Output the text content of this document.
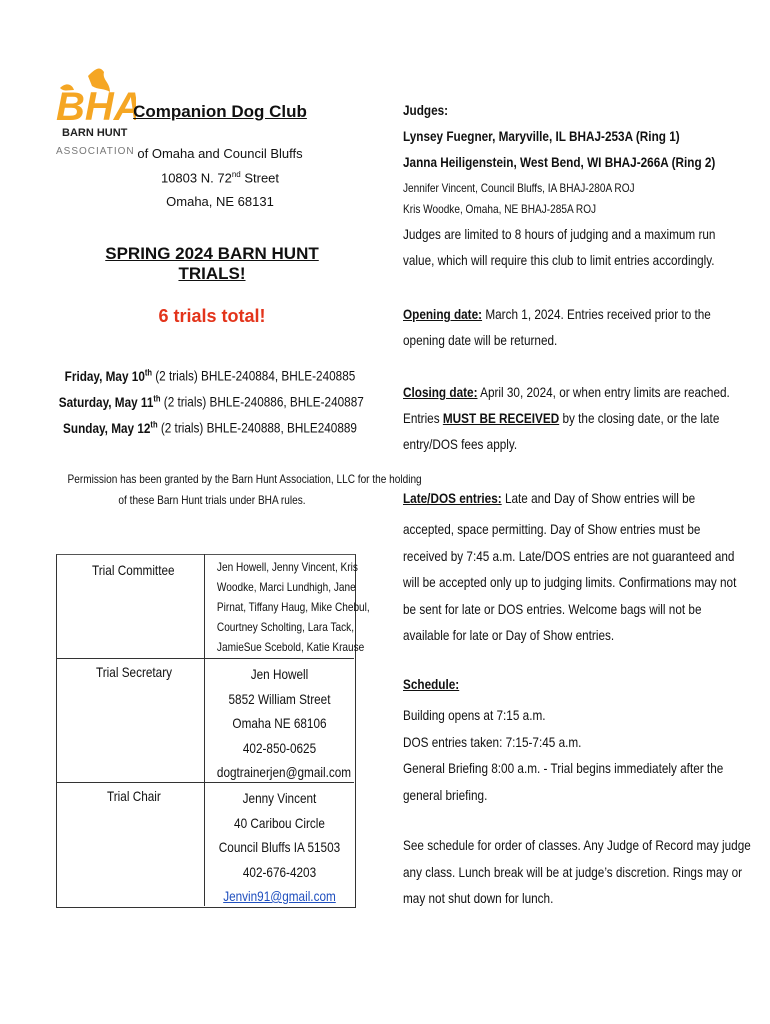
BHA
BARN HUNT
ASSOCIATION
Companion Dog Club
of Omaha and Council Bluffs
10803 N. 72nd Street
Omaha, NE 68131
SPRING 2024 BARN HUNT TRIALS!
6 trials total!
Friday, May 10th (2 trials) BHLE-240884, BHLE-240885
Saturday, May 11th (2 trials) BHLE-240886, BHLE-240887
Sunday, May 12th (2 trials) BHLE-240888, BHLE240889
Permission has been granted by the Barn Hunt Association, LLC for the holding
of these Barn Hunt trials under BHA rules.
Trial Committee	Jen Howell, Jenny Vincent, Kris
Woodke, Marci Lundhigh, Jane
Pirnat, Tiffany Haug, Mike Chebul,
Courtney Scholting, Lara Tack,
JamieSue Scebold, Katie Krause
Trial Secretary	Jen Howell
5852 William Street
Omaha NE 68106
402-850-0625
dogtrainerjen@gmail.com
Trial Chair	Jenny Vincent
40 Caribou Circle
Council Bluffs IA 51503
402-676-4203
Jenvin91@gmail.com
Judges:
Lynsey Fuegner, Maryville, IL BHAJ-253A (Ring 1)
Janna Heiligenstein, West Bend, WI BHAJ-266A (Ring 2)
Jennifer Vincent, Council Bluffs, IA BHAJ-280A ROJ
Kris Woodke, Omaha, NE BHAJ-285A ROJ
Judges are limited to 8 hours of judging and a maximum run
value, which will require this club to limit entries accordingly.
Opening date: March 1, 2024. Entries received prior to the
opening date will be returned.
Closing date: April 30, 2024, or when entry limits are reached.
Entries MUST BE RECEIVED by the closing date, or the late
entry/DOS fees apply.
Late/DOS entries: Late and Day of Show entries will be
accepted, space permitting. Day of Show entries must be
received by 7:45 a.m. Late/DOS entries are not guaranteed and
will be accepted only up to judging limits. Confirmations may not
be sent for late or DOS entries. Welcome bags will not be
available for late or Day of Show entries.
Schedule:
Building opens at 7:15 a.m.
DOS entries taken: 7:15-7:45 a.m.
General Briefing 8:00 a.m. - Trial begins immediately after the
general briefing.
See schedule for order of classes. Any Judge of Record may judge
any class. Lunch break will be at judge’s discretion. Rings may or
may not shut down for lunch.
